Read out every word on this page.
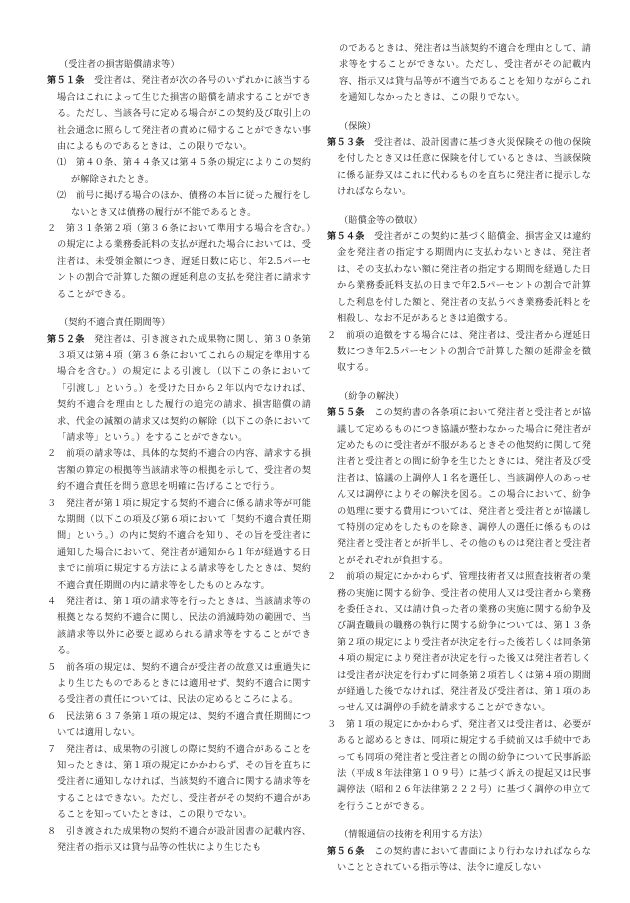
（受注者の損害賠償請求等）

第５１条　受注者は、発注者が次の各号のいずれかに該当する場合はこれによって生じた損害の賠償を請求することができる。ただし、当該各号に定める場合がこの契約及び取引上の社会通念に照らして発注者の責めに帰することができない事由によるものであるときは、この限りでない。

⑴　第４０条、第４４条又は第４５条の規定によりこの契約が解除されたとき。

⑵　前号に掲げる場合のほか、債務の本旨に従った履行をしないとき又は債務の履行が不能であるとき。

２　第３１条第２項（第３６条において準用する場合を含む。）の規定による業務委託料の支払が遅れた場合においては、受注者は、未受領金額につき、遅延日数に応じ、年2.5パーセントの割合で計算した額の遅延利息の支払を発注者に請求することができる。

（契約不適合責任期間等）

第５２条　発注者は、引き渡された成果物に関し、第３０条第３項又は第４項（第３６条においてこれらの規定を準用する場合を含む。）の規定による引渡し（以下この条において「引渡し」という。）を受けた日から２年以内でなければ、契約不適合を理由とした履行の追完の請求、損害賠償の請求、代金の減額の請求又は契約の解除（以下この条において「請求等」という。）をすることができない。

２　前項の請求等は、具体的な契約不適合の内容、請求する損害額の算定の根拠等当該請求等の根拠を示して、受注者の契約不適合責任を問う意思を明確に告げることで行う。

３　発注者が第１項に規定する契約不適合に係る請求等が可能な期間（以下この項及び第６項において「契約不適合責任期間」という。）の内に契約不適合を知り、その旨を受注者に通知した場合において、発注者が通知から１年が経過する日までに前項に規定する方法による請求等をしたときは、契約不適合責任期間の内に請求等をしたものとみなす。

４　発注者は、第１項の請求等を行ったときは、当該請求等の根拠となる契約不適合に関し、民法の消滅時効の範囲で、当該請求等以外に必要と認められる請求等をすることができる。

５　前各項の規定は、契約不適合が受注者の故意又は重過失により生じたものであるときには適用せず、契約不適合に関する受注者の責任については、民法の定めるところによる。

６　民法第６３７条第１項の規定は、契約不適合責任期間については適用しない。

７　発注者は、成果物の引渡しの際に契約不適合があることを知ったときは、第１項の規定にかかわらず、その旨を直ちに受注者に通知しなければ、当該契約不適合に関する請求等をすることはできない。ただし、受注者がその契約不適合があることを知っていたときは、この限りでない。

８　引き渡された成果物の契約不適合が設計図書の記載内容、発注者の指示又は貸与品等の性状により生じたも

のであるときは、発注者は当該契約不適合を理由として、請求等をすることができない。ただし、受注者がその記載内容、指示又は貸与品等が不適当であることを知りながらこれを通知しなかったときは、この限りでない。

（保険）

第５３条　受注者は、設計図書に基づき火災保険その他の保険を付したとき又は任意に保険を付しているときは、当該保険に係る証券又はこれに代わるものを直ちに発注者に提示しなければならない。

（賠償金等の徴収）

第５４条　受注者がこの契約に基づく賠償金、損害金又は違約金を発注者の指定する期間内に支払わないときは、発注者は、その支払わない額に発注者の指定する期間を経過した日から業務委託料支払の日まで年2.5パーセントの割合で計算した利息を付した額と、発注者の支払うべき業務委託料とを相殺し、なお不足があるときは追徴する。

２　前項の追徴をする場合には、発注者は、受注者から遅延日数につき年2.5パーセントの割合で計算した額の延滞金を徴収する。

（紛争の解決）

第５５条　この契約書の各条項において発注者と受注者とが協議して定めるものにつき協議が整わなかった場合に発注者が定めたものに受注者が不服があるときその他契約に関して発注者と受注者との間に紛争を生じたときには、発注者及び受注者は、協議の上調停人１名を選任し、当該調停人のあっせん又は調停によりその解決を図る。この場合において、紛争の処理に要する費用については、発注者と受注者とが協議して特別の定めをしたものを除き、調停人の選任に係るものは発注者と受注者とが折半し、その他のものは発注者と受注者とがそれぞれが負担する。

２　前項の規定にかかわらず、管理技術者又は照査技術者の業務の実施に関する紛争、受注者の使用人又は受注者から業務を委任され、又は請け負った者の業務の実施に関する紛争及び調査職員の職務の執行に関する紛争については、第１３条第２項の規定により受注者が決定を行った後若しくは同条第４項の規定により発注者が決定を行った後又は発注者若しくは受注者が決定を行わずに同条第２項若しくは第４項の期間が経過した後でなければ、発注者及び受注者は、第１項のあっせん又は調停の手続を請求することができない。

３　第１項の規定にかかわらず、発注者又は受注者は、必要があると認めるときは、同項に規定する手続前又は手続中であっても同項の発注者と受注者との間の紛争について民事訴訟法（平成８年法律第１０９号）に基づく訴えの提起又は民事調停法（昭和２６年法律第２２２号）に基づく調停の申立てを行うことができる。

（情報通信の技術を利用する方法）

第５６条　この契約書において書面により行わなければならないこととされている指示等は、法令に違反しない
